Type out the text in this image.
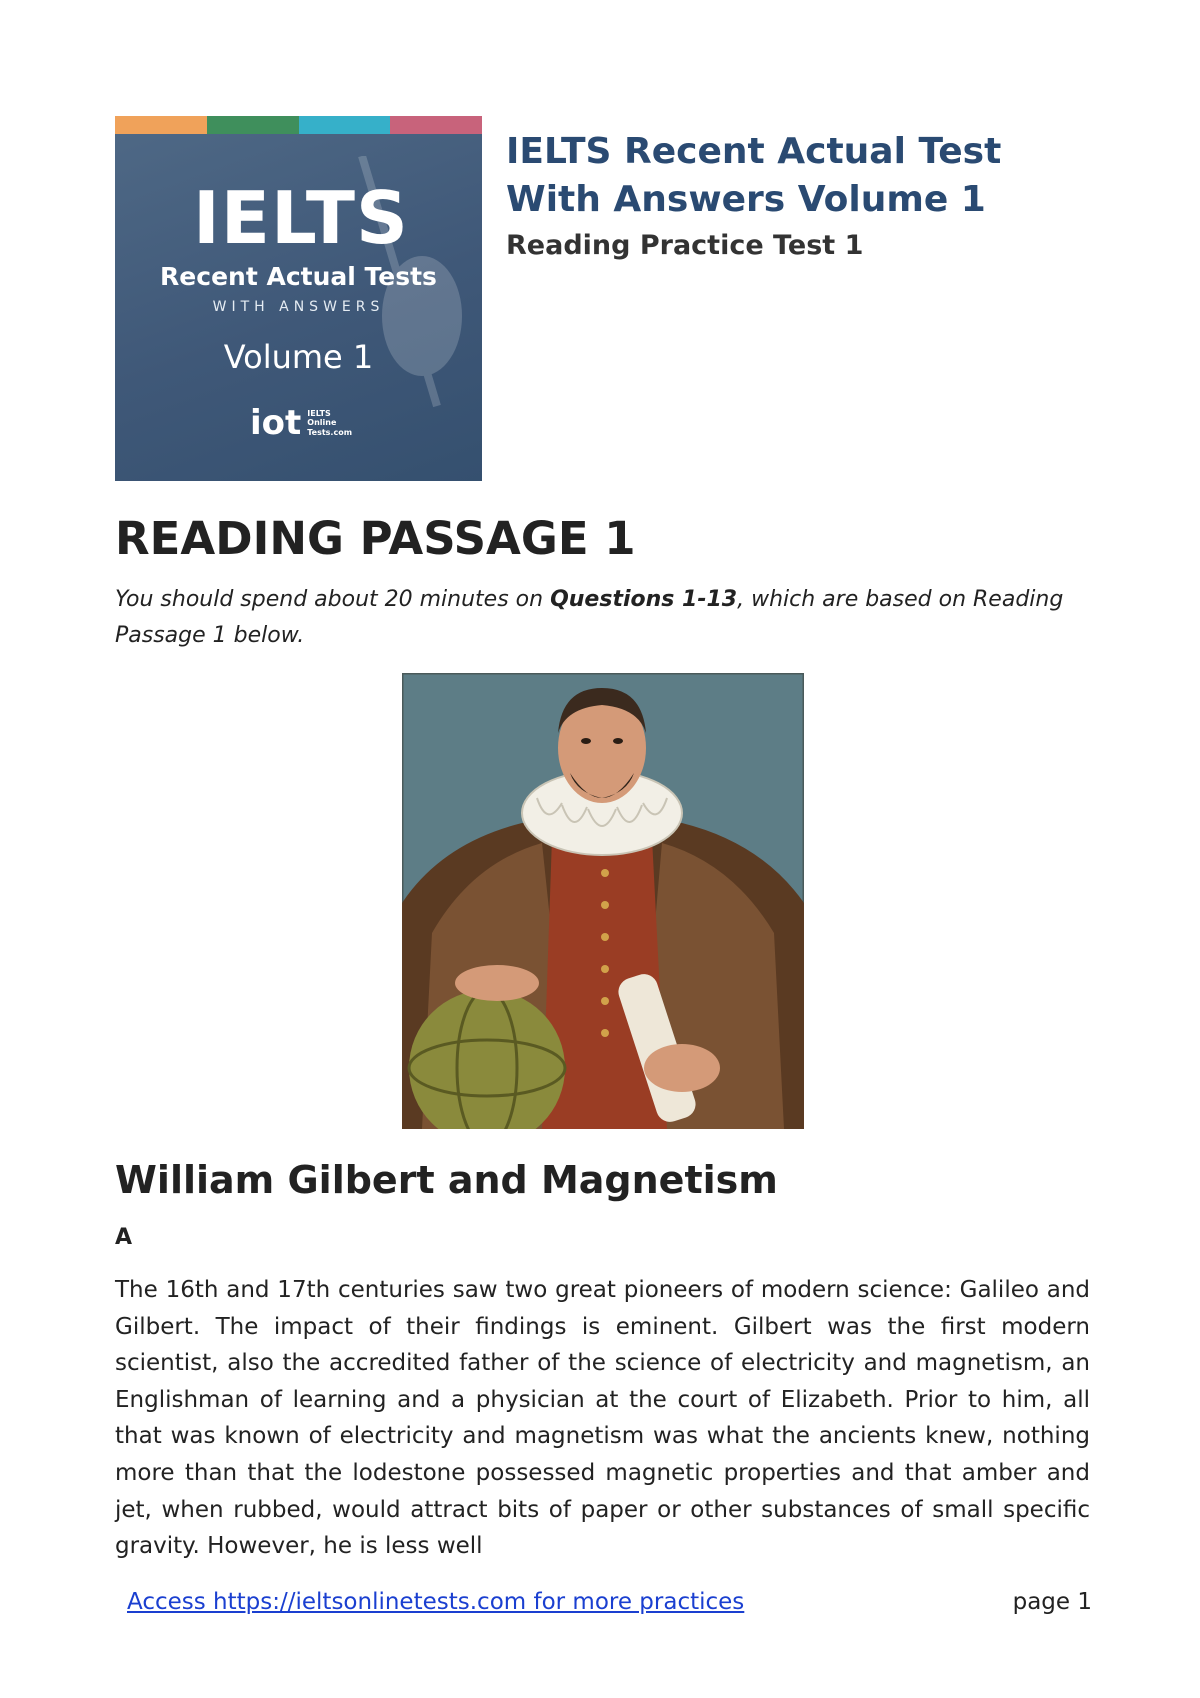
IELTS
Recent Actual Tests
WITH ANSWERS
Volume 1
iot IELTS
Online
Tests.com
IELTS Recent Actual Test With Answers Volume 1
Reading Practice Test 1
READING PASSAGE 1

You should spend about 20 minutes on Questions 1-13, which are based on Reading Passage 1 below.

William Gilbert and Magnetism

A

The 16th and 17th centuries saw two great pioneers of modern science: Galileo and Gilbert. The impact of their findings is eminent. Gilbert was the first modern scientist, also the accredited father of the science of electricity and magnetism, an Englishman of learning and a physician at the court of Elizabeth. Prior to him, all that was known of electricity and magnetism was what the ancients knew, nothing more than that the lodestone possessed magnetic properties and that amber and jet, when rubbed, would attract bits of paper or other substances of small specific gravity. However, he is less well

Access https://ieltsonlinetests.com for more practices	page 1
